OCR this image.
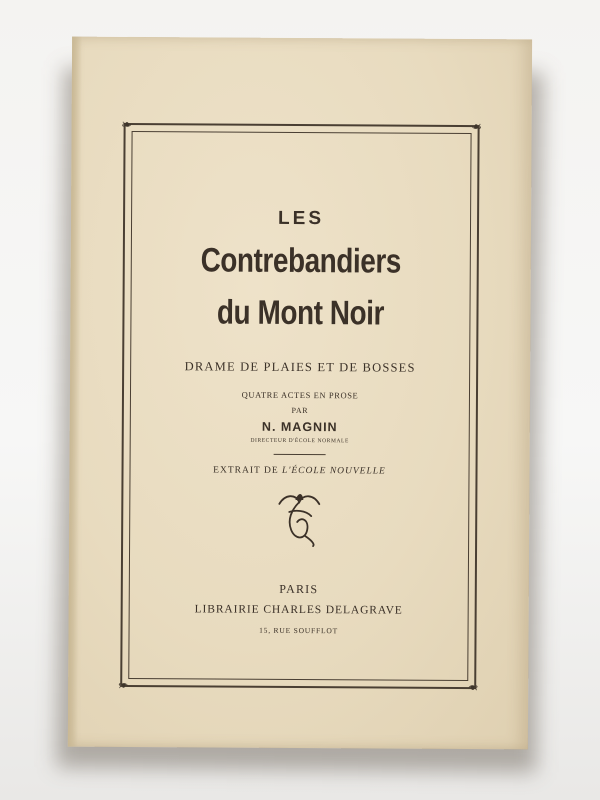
❧	❧
❧	❧
LES
Contrebandiers
du Mont Noir
DRAME DE PLAIES ET DE BOSSES
QUATRE ACTES EN PROSE
PAR
N. MAGNIN
DIRECTEUR D'ÉCOLE NORMALE
EXTRAIT DE L'ÉCOLE NOUVELLE
PARIS
LIBRAIRIE CHARLES DELAGRAVE
15, RUE SOUFFLOT
